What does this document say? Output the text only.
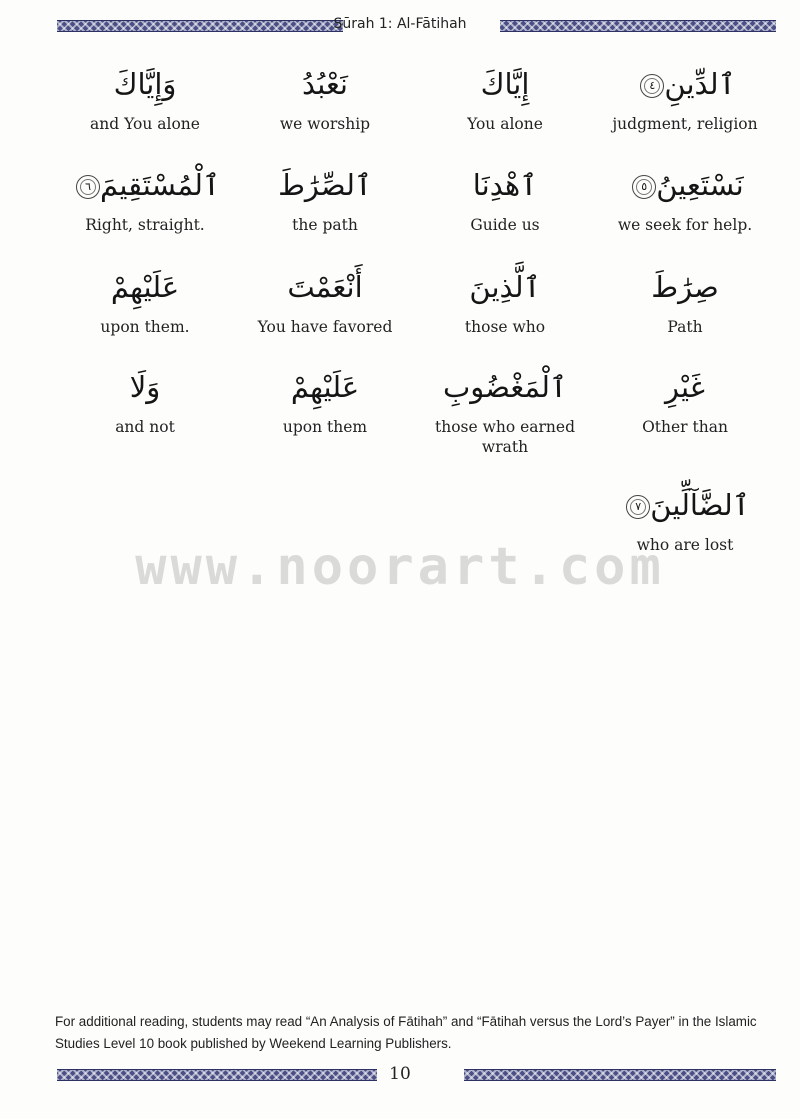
Sūrah 1: Al-Fātihah
ٱلدِّينِ٤
judgment, religion
إِيَّاكَ
You alone
نَعْبُدُ
we worship
وَإِيَّاكَ
and You alone
نَسْتَعِينُ٥
we seek for help.
ٱهْدِنَا
Guide us
ٱلصِّرَٰطَ
the path
ٱلْمُسْتَقِيمَ٦
Right, straight.
صِرَٰطَ
Path
ٱلَّذِينَ
those who
أَنْعَمْتَ
You have favored
عَلَيْهِمْ
upon them.
غَيْرِ
Other than
ٱلْمَغْضُوبِ
those who earned wrath
عَلَيْهِمْ
upon them
وَلَا
and not
ٱلضَّآلِّينَ٧
who are lost
www.noorart.com
For additional reading, students may read “An Analysis of Fātihah” and “Fātihah versus the Lord’s Payer” in the Islamic Studies Level 10 book published by Weekend Learning Publishers.
10
